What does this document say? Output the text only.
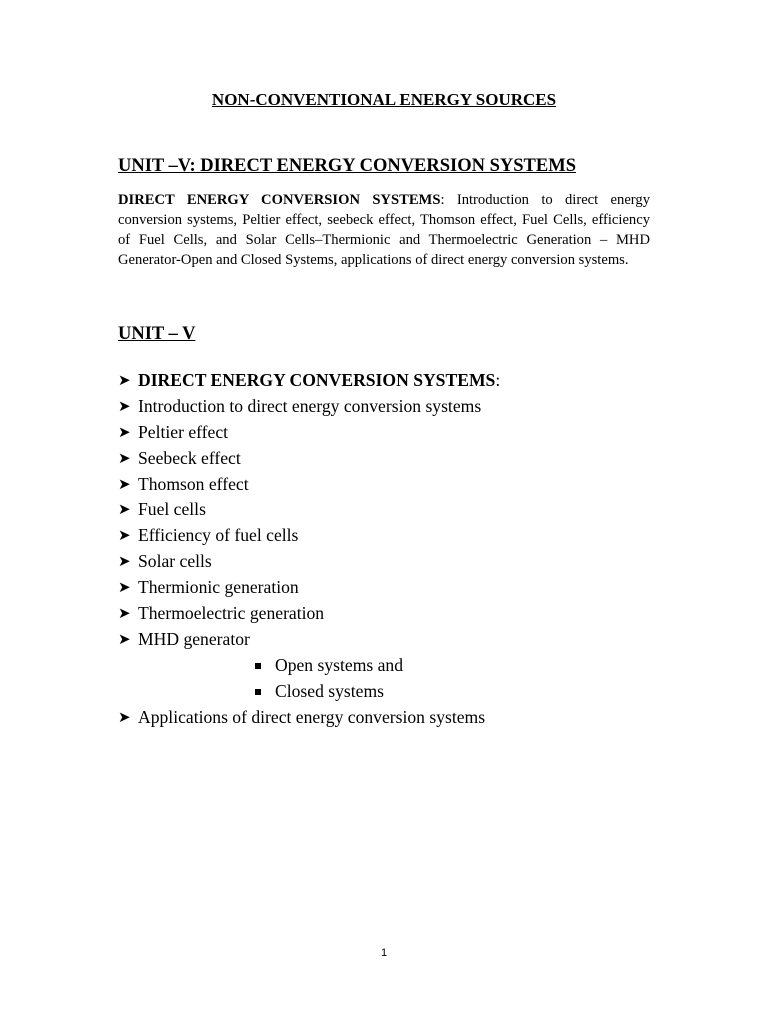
NON-CONVENTIONAL ENERGY SOURCES
UNIT –V: DIRECT ENERGY CONVERSION SYSTEMS

DIRECT ENERGY CONVERSION SYSTEMS: Introduction to direct energy conversion systems, Peltier effect, seebeck effect, Thomson effect, Fuel Cells, efficiency of Fuel Cells, and Solar Cells–Thermionic and Thermoelectric Generation – MHD Generator-Open and Closed Systems, applications of direct energy conversion systems.

UNIT – V
➤ DIRECT ENERGY CONVERSION SYSTEMS :
➤ Introduction to direct energy conversion systems
➤ Peltier effect
➤ Seebeck effect
➤ Thomson effect
➤ Fuel cells
➤ Efficiency of fuel cells
➤ Solar cells
➤ Thermionic generation
➤ Thermoelectric generation
➤ MHD generator
Open systems and
Closed systems
➤ Applications of direct energy conversion systems
1
